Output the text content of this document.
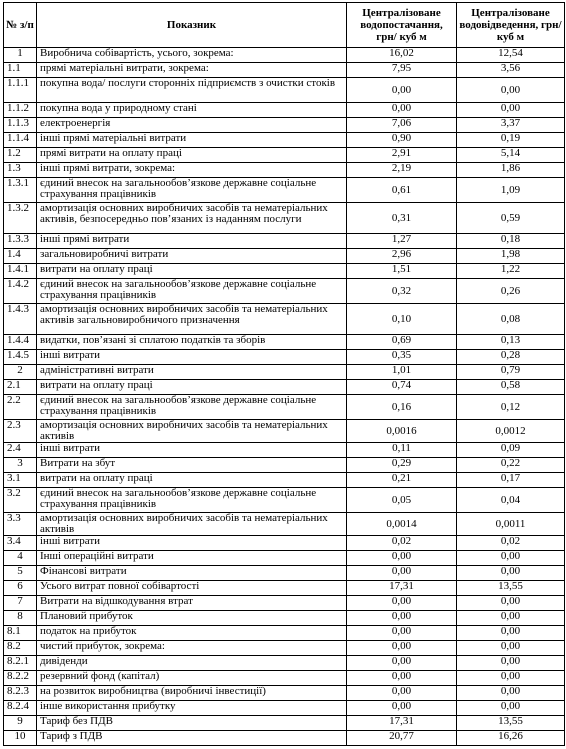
№ з/п	Показник	Централізоване водопостачання, грн/ куб м	Централізоване водовідведення, грн/куб м
1	Виробнича собівартість, усього, зокрема:	16,02	12,54
1.1	прямі матеріальні витрати, зокрема:	7,95	3,56
1.1.1	покупна вода/ послуги сторонніх підприємств з очистки стоків	0,00	0,00
1.1.2	покупна вода у природному стані	0,00	0,00
1.1.3	електроенергія	7,06	3,37
1.1.4	інші прямі матеріальні витрати	0,90	0,19
1.2	прямі витрати на оплату праці	2,91	5,14
1.3	інші прямі витрати, зокрема:	2,19	1,86
1.3.1	єдиний внесок на загальнообов’язкове державне соціальне страхування працівників	0,61	1,09
1.3.2	амортизація основних виробничих засобів та нематеріальних активів, безпосередньо пов’язаних із наданням послуги	0,31	0,59
1.3.3	інші прямі витрати	1,27	0,18
1.4	загальновиробничі витрати	2,96	1,98
1.4.1	витрати на оплату праці	1,51	1,22
1.4.2	єдиний внесок на загальнообов’язкове державне соціальне страхування працівників	0,32	0,26
1.4.3	амортизація основних виробничих засобів та нематеріальних активів загальновиробничого призначення	0,10	0,08
1.4.4	видатки, пов’язані зі сплатою податків та зборів	0,69	0,13
1.4.5	інші витрати	0,35	0,28
2	адміністративні витрати	1,01	0,79
2.1	витрати на оплату праці	0,74	0,58
2.2	єдиний внесок на загальнообов’язкове державне соціальне страхування працівників	0,16	0,12
2.3	амортизація основних виробничих засобів та нематеріальних активів	0,0016	0,0012
2.4	інші витрати	0,11	0,09
3	Витрати на збут	0,29	0,22
3.1	витрати на оплату праці	0,21	0,17
3.2	єдиний внесок на загальнообов’язкове державне соціальне страхування працівників	0,05	0,04
3.3	амортизація основних виробничих засобів та нематеріальних активів	0,0014	0,0011
3.4	інші витрати	0,02	0,02
4	Інші операційні витрати	0,00	0,00
5	Фінансові витрати	0,00	0,00
6	Усього витрат повної собівартості	17,31	13,55
7	Витрати на відшкодування втрат	0,00	0,00
8	Плановий прибуток	0,00	0,00
8.1	податок на прибуток	0,00	0,00
8.2	чистий прибуток, зокрема:	0,00	0,00
8.2.1	дивіденди	0,00	0,00
8.2.2	резервний фонд (капітал)	0,00	0,00
8.2.3	на розвиток виробництва (виробничі інвестиції)	0,00	0,00
8.2.4	інше використання прибутку	0,00	0,00
9	Тариф без ПДВ	17,31	13,55
10	Тариф з ПДВ	20,77	16,26
